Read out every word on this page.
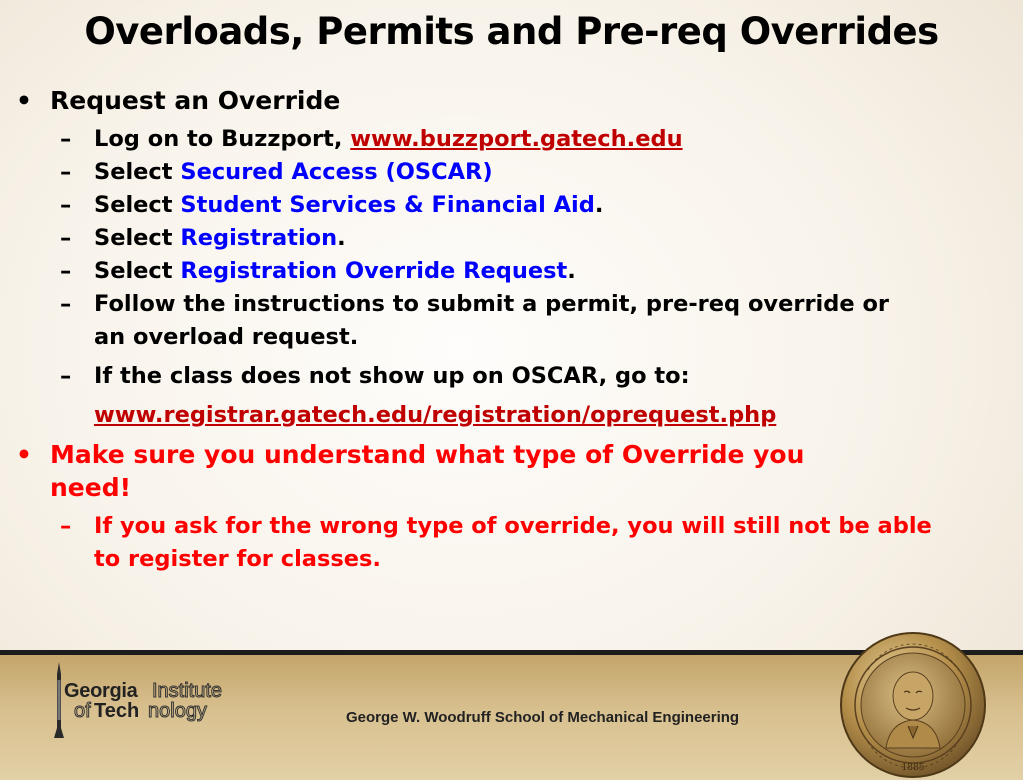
Overloads, Permits and Pre-req Overrides
• Request an Override
– Log on to Buzzport, www.buzzport.gatech.edu
– Select Secured Access (OSCAR)
– Select Student Services & Financial Aid.
– Select Registration.
– Select Registration Override Request.
– Follow the instructions to submit a permit, pre-req override or
an overload request.
– If the class does not show up on OSCAR, go to:
www.registrar.gatech.edu/registration/oprequest.php
• Make sure you understand what type of Override you
need!
– If you ask for the wrong type of override, you will still not be able
to register for classes.
Georgia Institute
of Tech nology	George W. Woodruff School of Mechanical Engineering
1885
